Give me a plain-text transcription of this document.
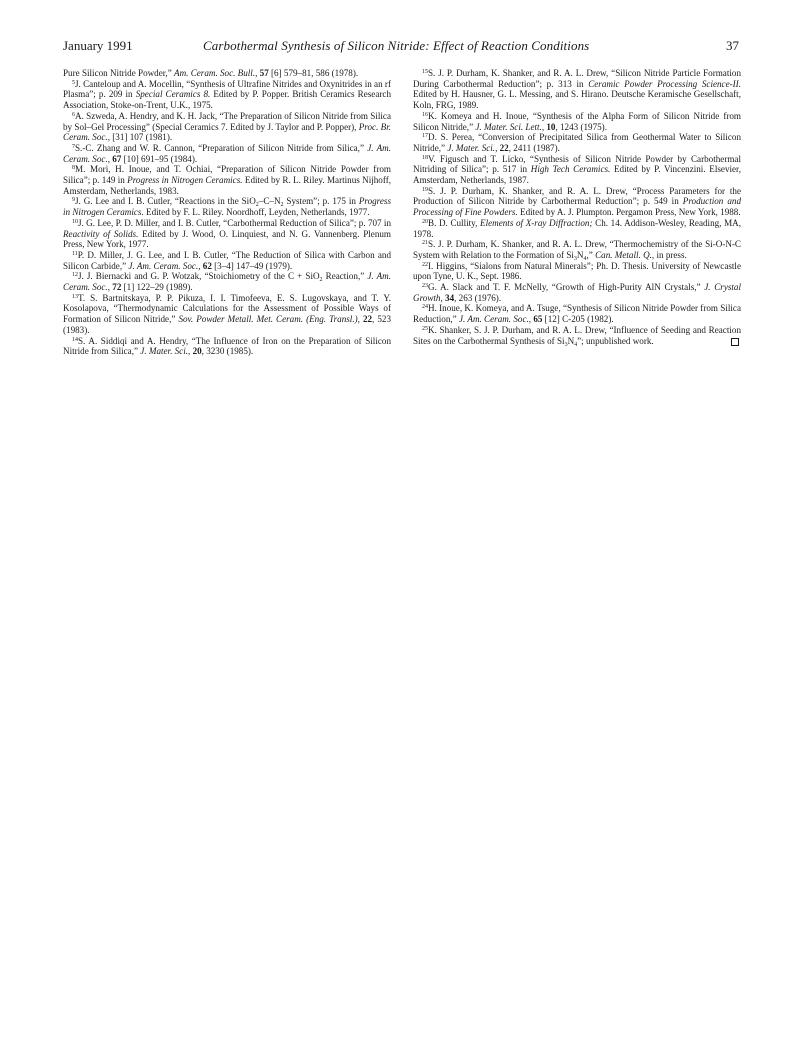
January 1991	Carbothermal Synthesis of Silicon Nitride: Effect of Reaction Conditions	37

Pure Silicon Nitride Powder,” Am. Ceram. Soc. Bull., 57 [6] 579–81, 586 (1978).

$^5$J. Canteloup and A. Mocellin, “Synthesis of Ultrafine Nitrides and Oxynitrides in an rf Plasma”; p. 209 in Special Ceramics 8. Edited by P. Popper. British Ceramics Research Association, Stoke-on-Trent, U.K., 1975.

$^6$A. Szweda, A. Hendry, and K. H. Jack, “The Preparation of Silicon Nitride from Silica by Sol–Gel Processing” (Special Ceramics 7. Edited by J. Taylor and P. Popper), Proc. Br. Ceram. Soc., [31] 107 (1981).

$^7$S.-C. Zhang and W. R. Cannon, “Preparation of Silicon Nitride from Silica,” J. Am. Ceram. Soc., 67 [10] 691–95 (1984).

$^8$M. Mori, H. Inoue, and T. Ochiai, “Preparation of Silicon Nitride Powder from Silica”; p. 149 in Progress in Nitrogen Ceramics. Edited by R. L. Riley. Martinus Nijhoff, Amsterdam, Netherlands, 1983.

$^9$J. G. Lee and I. B. Cutler, “Reactions in the $SiO_2-C-N_2$ System”; p. 175 in Progress in Nitrogen Ceramics. Edited by F. L. Riley. Noordhoff, Leyden, Netherlands, 1977.

$^{10}$J. G. Lee, P. D. Miller, and I. B. Cutler, “Carbothermal Reduction of Silica”; p. 707 in Reactivity of Solids. Edited by J. Wood, O. Linquiest, and N. G. Vannenberg. Plenum Press, New York, 1977.

$^{11}$P. D. Miller, J. G. Lee, and I. B. Cutler, “The Reduction of Silica with Carbon and Silicon Carbide,” J. Am. Ceram. Soc., 62 [3–4] 147–49 (1979).

$^{12}$J. J. Biernacki and G. P. Wotzak, “Stoichiometry of the C + SiO$_2$ Reaction,” J. Am. Ceram. Soc., 72 [1] 122–29 (1989).

$^{13}$T. S. Bartnitskaya, P. P. Pikuza, I. I. Timofeeva, E. S. Lugovskaya, and T. Y. Kosolapova, “Thermodynamic Calculations for the Assessment of Possible Ways of Formation of Silicon Nitride,” Sov. Powder Metall. Met. Ceram. (Eng. Transl.), 22, 523 (1983).

$^{14}$S. A. Siddiqi and A. Hendry, “The Influence of Iron on the Preparation of Silicon Nitride from Silica,” J. Mater. Sci., 20, 3230 (1985).

$^{15}$S. J. P. Durham, K. Shanker, and R. A. L. Drew, “Silicon Nitride Particle Formation During Carbothermal Reduction”; p. 313 in Ceramic Powder Processing Science-II. Edited by H. Hausner, G. L. Messing, and S. Hirano. Deutsche Keramische Gesellschaft, Koln, FRG, 1989.

$^{16}$K. Komeya and H. Inoue, “Synthesis of the Alpha Form of Silicon Nitride from Silicon Nitride,” J. Mater. Sci. Lett., 10, 1243 (1975).

$^{17}$D. S. Perea, “Conversion of Precipitated Silica from Geothermal Water to Silicon Nitride,” J. Mater. Sci., 22, 2411 (1987).

$^{18}$V. Figusch and T. Licko, “Synthesis of Silicon Nitride Powder by Carbothermal Nitriding of Silica”; p. 517 in High Tech Ceramics. Edited by P. Vincenzini. Elsevier, Amsterdam, Netherlands, 1987.

$^{19}$S. J. P. Durham, K. Shanker, and R. A. L. Drew, “Process Parameters for the Production of Silicon Nitride by Carbothermal Reduction”; p. 549 in Production and Processing of Fine Powders. Edited by A. J. Plumpton. Pergamon Press, New York, 1988.

$^{20}$B. D. Cullity, Elements of X-ray Diffraction; Ch. 14. Addison-Wesley, Reading, MA, 1978.

$^{21}$S. J. P. Durham, K. Shanker, and R. A. L. Drew, “Thermochemistry of the Si-O-N-C System with Relation to the Formation of $Si_3N_4$,” Can. Metall. Q., in press.

$^{22}$I. Higgins, “Sialons from Natural Minerals”; Ph. D. Thesis. University of Newcastle upon Tyne, U. K., Sept. 1986.

$^{23}$G. A. Slack and T. F. McNelly, “Growth of High-Purity AlN Crystals,” J. Crystal Growth, 34, 263 (1976).

$^{24}$H. Inoue, K. Komeya, and A. Tsuge, “Synthesis of Silicon Nitride Powder from Silica Reduction,” J. Am. Ceram. Soc., 65 [12] C-205 (1982).

$^{25}$K. Shanker, S. J. P. Durham, and R. A. L. Drew, “Influence of Seeding and Reaction Sites on the Carbothermal Synthesis of $Si_3N_4$”; unpublished work.
